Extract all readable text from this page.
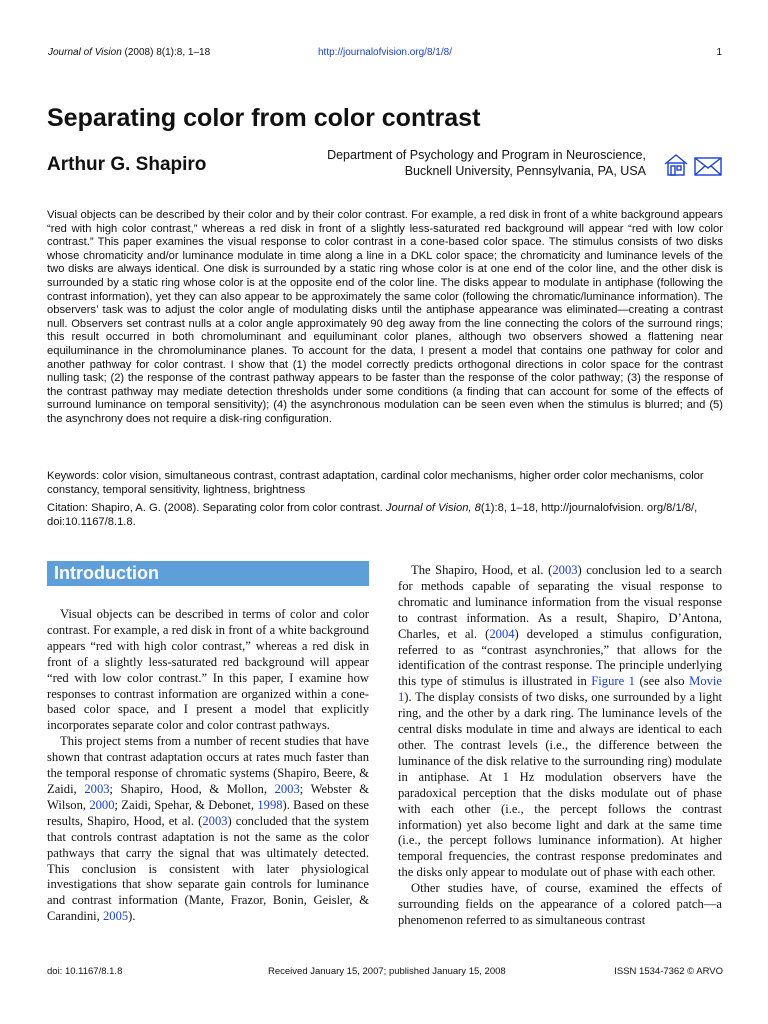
Journal of Vision (2008) 8(1):8, 1–18	http://journalofvision.org/8/1/8/	1
Separating color from color contrast
Arthur G. Shapiro	Department of Psychology and Program in Neuroscience,
Bucknell University, Pennsylvania, PA, USA

Visual objects can be described by their color and by their color contrast. For example, a red disk in front of a white background appears “red with high color contrast,” whereas a red disk in front of a slightly less-saturated red background will appear “red with low color contrast.” This paper examines the visual response to color contrast in a cone-based color space. The stimulus consists of two disks whose chromaticity and/or luminance modulate in time along a line in a DKL color space; the chromaticity and luminance levels of the two disks are always identical. One disk is surrounded by a static ring whose color is at one end of the color line, and the other disk is surrounded by a static ring whose color is at the opposite end of the color line. The disks appear to modulate in antiphase (following the contrast information), yet they can also appear to be approximately the same color (following the chromatic/luminance information). The observers’ task was to adjust the color angle of modulating disks until the antiphase appearance was eliminated—creating a contrast null. Observers set contrast nulls at a color angle approximately 90 deg away from the line connecting the colors of the surround rings; this result occurred in both chromoluminant and equiluminant color planes, although two observers showed a flattening near equiluminance in the chromoluminance planes. To account for the data, I present a model that contains one pathway for color and another pathway for color contrast. I show that (1) the model correctly predicts orthogonal directions in color space for the contrast nulling task; (2) the response of the contrast pathway appears to be faster than the response of the color pathway; (3) the response of the contrast pathway may mediate detection thresholds under some conditions (a finding that can account for some of the effects of surround luminance on temporal sensitivity); (4) the asynchronous modulation can be seen even when the stimulus is blurred; and (5) the asynchrony does not require a disk-ring configuration.

Keywords: color vision, simultaneous contrast, contrast adaptation, cardinal color mechanisms, higher order color mechanisms, color constancy, temporal sensitivity, lightness, brightness

Citation: Shapiro, A. G. (2008). Separating color from color contrast. Journal of Vision, 8(1):8, 1–18, http://journalofvision. org/8/1/8/, doi:10.1167/8.1.8.

Introduction

Visual objects can be described in terms of color and color contrast. For example, a red disk in front of a white background appears “red with high color contrast,” whereas a red disk in front of a slightly less-saturated red background will appear “red with low color contrast.” In this paper, I examine how responses to contrast information are organized within a cone-based color space, and I present a model that explicitly incorporates separate color and color contrast pathways.

This project stems from a number of recent studies that have shown that contrast adaptation occurs at rates much faster than the temporal response of chromatic systems (Shapiro, Beere, & Zaidi, 2003; Shapiro, Hood, & Mollon, 2003; Webster & Wilson, 2000; Zaidi, Spehar, & Debonet, 1998). Based on these results, Shapiro, Hood, et al. (2003) concluded that the system that controls contrast adaptation is not the same as the color pathways that carry the signal that was ultimately detected. This conclusion is consistent with later physiological investigations that show separate gain controls for luminance and contrast information (Mante, Frazor, Bonin, Geisler, & Carandini, 2005).

The Shapiro, Hood, et al. (2003) conclusion led to a search for methods capable of separating the visual response to chromatic and luminance information from the visual response to contrast information. As a result, Shapiro, D’Antona, Charles, et al. (2004) developed a stimulus configuration, referred to as “contrast asynchronies,” that allows for the identification of the contrast response. The principle underlying this type of stimulus is illustrated in Figure 1 (see also Movie 1). The display consists of two disks, one surrounded by a light ring, and the other by a dark ring. The luminance levels of the central disks modulate in time and always are identical to each other. The contrast levels (i.e., the difference between the luminance of the disk relative to the surrounding ring) modulate in antiphase. At 1 Hz modulation observers have the paradoxical perception that the disks modulate out of phase with each other (i.e., the percept follows the contrast information) yet also become light and dark at the same time (i.e., the percept follows luminance information). At higher temporal frequencies, the contrast response predominates and the disks only appear to modulate out of phase with each other.

Other studies have, of course, examined the effects of surrounding fields on the appearance of a colored patch—a phenomenon referred to as simultaneous contrast

doi: 10.1167/8.1.8	Received January 15, 2007; published January 15, 2008	ISSN 1534-7362 © ARVO
